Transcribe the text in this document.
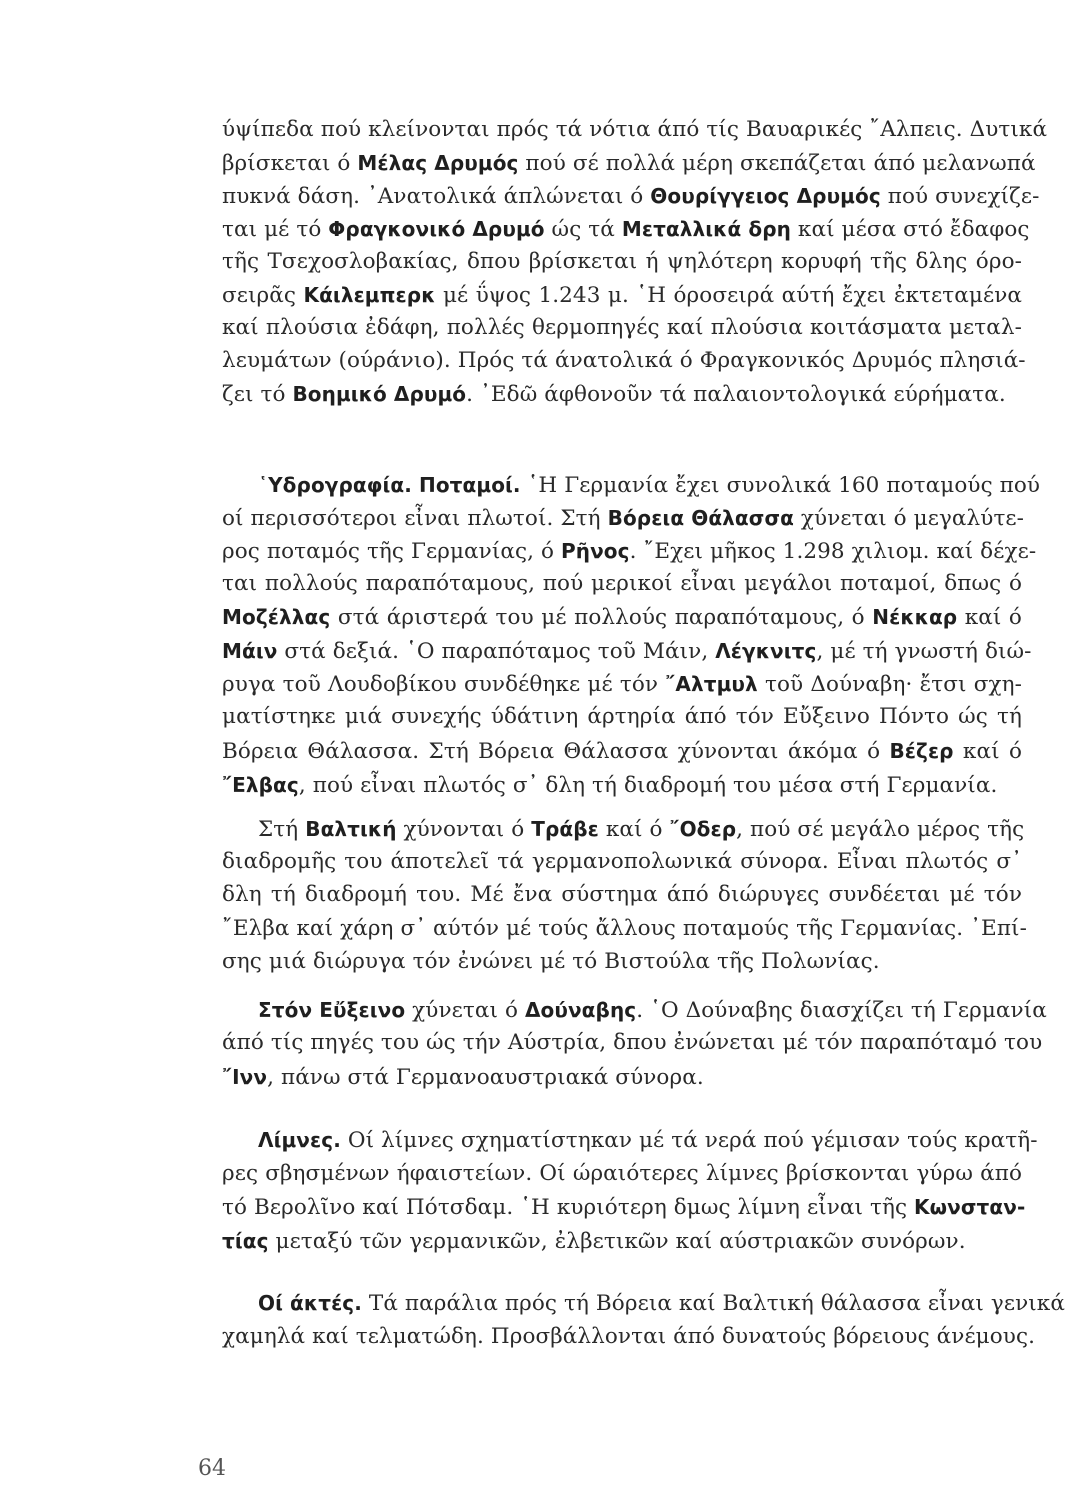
ύψίπεδα πού κλείνονται πρός τά νότια άπό τίς Βαυαρικές ῎Αλπεις. Δυτικά
βρίσκεται ό Μέλας Δρυμός πού σέ πολλά μέρη σκεπάζεται άπό μελανωπά
πυκνά δάση. ᾿Ανατολικά άπλώνεται ό Θουρίγγειος Δρυμός πού συνεχίζε-
ται μέ τό Φραγκονικό Δρυμό ώς τά Μεταλλικά δρη καί μέσα στό ἔδαφος
τῆς Τσεχοσλοβακίας, δπου βρίσκεται ή ψηλότερη κορυφή τῆς δλης όρο-
σειρᾶς Κάιλεμπερκ μέ ΰψος 1.243 μ. ῾Η όροσειρά αύτή ἔχει ἐκτεταμένα
καί πλούσια ἐδάφη, πολλές θερμοπηγές καί πλούσια κοιτάσματα μεταλ-
λευμάτων (ούράνιο). Πρός τά άνατολικά ό Φραγκονικός Δρυμός πλησιά-
ζει τό Βοημικό Δρυμό. ᾿Εδῶ άφθονοῦν τά παλαιοντολογικά εύρήματα.
῾Υδρογραφία. Ποταμοί. ῾Η Γερμανία ἔχει συνολικά 160 ποταμούς πού
οί περισσότεροι εἶναι πλωτοί. Στή Βόρεια Θάλασσα χύνεται ό μεγαλύτε-
ρος ποταμός τῆς Γερμανίας, ό Ρῆνος. ῎Εχει μῆκος 1.298 χιλιομ. καί δέχε-
ται πολλούς παραπόταμους, πού μερικοί εἶναι μεγάλοι ποταμοί, δπως ό
Μοζέλλας στά άριστερά του μέ πολλούς παραπόταμους, ό Νέκκαρ καί ό
Μάιν στά δεξιά. ῾Ο παραπόταμος τοῦ Μάιν, Λέγκνιτς, μέ τή γνωστή διώ-
ρυγα τοῦ Λουδοβίκου συνδέθηκε μέ τόν ῎Αλτμυλ τοῦ Δούναβη· ἔτσι σχη-
ματίστηκε μιά συνεχής ύδάτινη άρτηρία άπό τόν Εὔξεινο Πόντο ώς τή
Βόρεια Θάλασσα. Στή Βόρεια Θάλασσα χύνονται άκόμα ό Βέζερ καί ό
῎Ελβας, πού εἶναι πλωτός σ᾿ δλη τή διαδρομή του μέσα στή Γερμανία.
Στή Βαλτική χύνονται ό Τράβε καί ό ῎Οδερ, πού σέ μεγάλο μέρος τῆς
διαδρομῆς του άποτελεῖ τά γερμανοπολωνικά σύνορα. Εἶναι πλωτός σ᾿
δλη τή διαδρομή του. Μέ ἔνα σύστημα άπό διώρυγες συνδέεται μέ τόν
῎Ελβα καί χάρη σ᾿ αύτόν μέ τούς ἄλλους ποταμούς τῆς Γερμανίας. ᾿Επί-
σης μιά διώρυγα τόν ἐνώνει μέ τό Βιστούλα τῆς Πολωνίας.
Στόν Εὔξεινο χύνεται ό Δούναβης. ῾Ο Δούναβης διασχίζει τή Γερμανία
άπό τίς πηγές του ώς τήν Αύστρία, δπου ἐνώνεται μέ τόν παραπόταμό του
῎Ινν, πάνω στά Γερμανοαυστριακά σύνορα.
Λίμνες. Οί λίμνες σχηματίστηκαν μέ τά νερά πού γέμισαν τούς κρατῆ-
ρες σβησμένων ήφαιστείων. Οί ώραιότερες λίμνες βρίσκονται γύρω άπό
τό Βερολῖνο καί Πότσδαμ. ῾Η κυριότερη δμως λίμνη εἶναι τῆς Κωνσταν-
τίας μεταξύ τῶν γερμανικῶν, ἐλβετικῶν καί αύστριακῶν συνόρων.
Οί άκτές. Τά παράλια πρός τή Βόρεια καί Βαλτική θάλασσα εἶναι γενικά
χαμηλά καί τελματώδη. Προσβάλλονται άπό δυνατούς βόρειους άνέμους.
64
